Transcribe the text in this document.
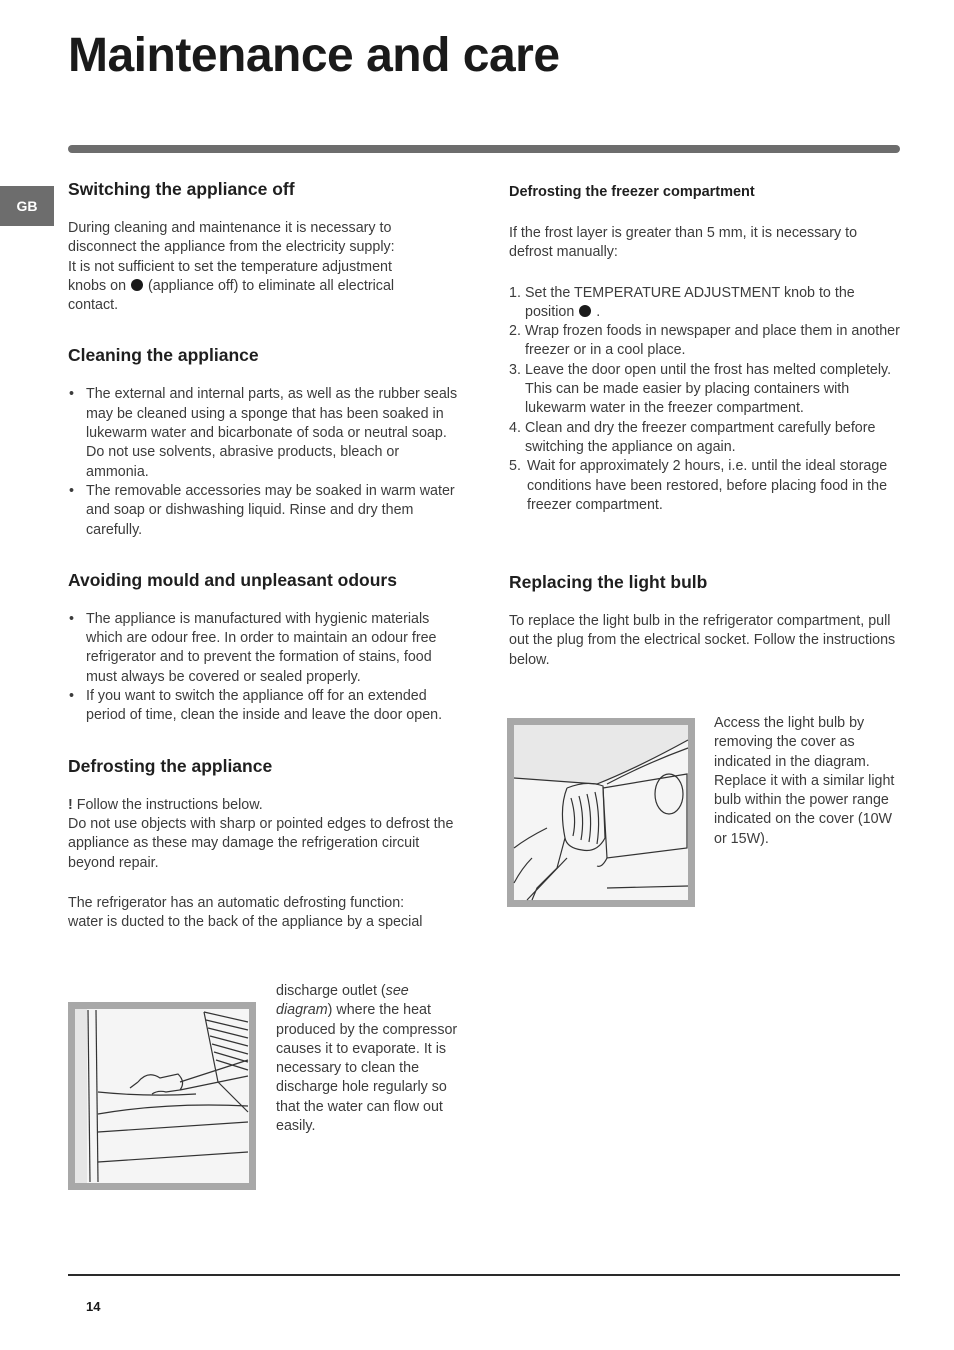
Maintenance and care
GB
Switching the appliance off

During cleaning and maintenance it is necessary to
disconnect the appliance from the electricity supply:
It is not sufficient to set the temperature adjustment
knobs on (appliance off) to eliminate all electrical
contact.

Cleaning the appliance
• The external and internal parts, as well as the rubber seals may be cleaned using a sponge that has been soaked in lukewarm water and bicarbonate of soda or neutral soap. Do not use solvents, abrasive products, bleach or ammonia.
• The removable accessories may be soaked in warm water and soap or dishwashing liquid. Rinse and dry them carefully.
Avoiding mould and unpleasant odours
• The appliance is manufactured with hygienic materials which are odour free. In order to maintain an odour free refrigerator and to prevent the formation of stains, food must always be covered or sealed properly.
• If you want to switch the appliance off for an extended period of time, clean the inside and leave the door open.
Defrosting the appliance

! Follow the instructions below.

Do not use objects with sharp or pointed edges to defrost the appliance as these may damage the refrigeration circuit beyond repair.

The refrigerator has an automatic defrosting function:
water is ducted to the back of the appliance by a special

discharge outlet (see diagram) where the heat produced by the compressor causes it to evaporate. It is necessary to clean the discharge hole regularly so that the water can flow out easily.
Defrosting the freezer compartment

If the frost layer is greater than 5 mm, it is necessary to defrost manually:

1. Set the TEMPERATURE ADJUSTMENT knob to the position .
2. Wrap frozen foods in newspaper and place them in another freezer or in a cool place.
3. Leave the door open until the frost has melted completely. This can be made easier by placing containers with lukewarm water in the freezer compartment.
4. Clean and dry the freezer compartment carefully before switching the appliance on again.
5. Wait for approximately 2 hours, i.e. until the ideal storage conditions have been restored, before placing food in the freezer compartment.
Replacing the light bulb

To replace the light bulb in the refrigerator compartment, pull out the plug from the electrical socket. Follow the instructions below.

Access the light bulb by removing the cover as indicated in the diagram. Replace it with a similar light bulb within the power range indicated on the cover (10W or 15W).
14
